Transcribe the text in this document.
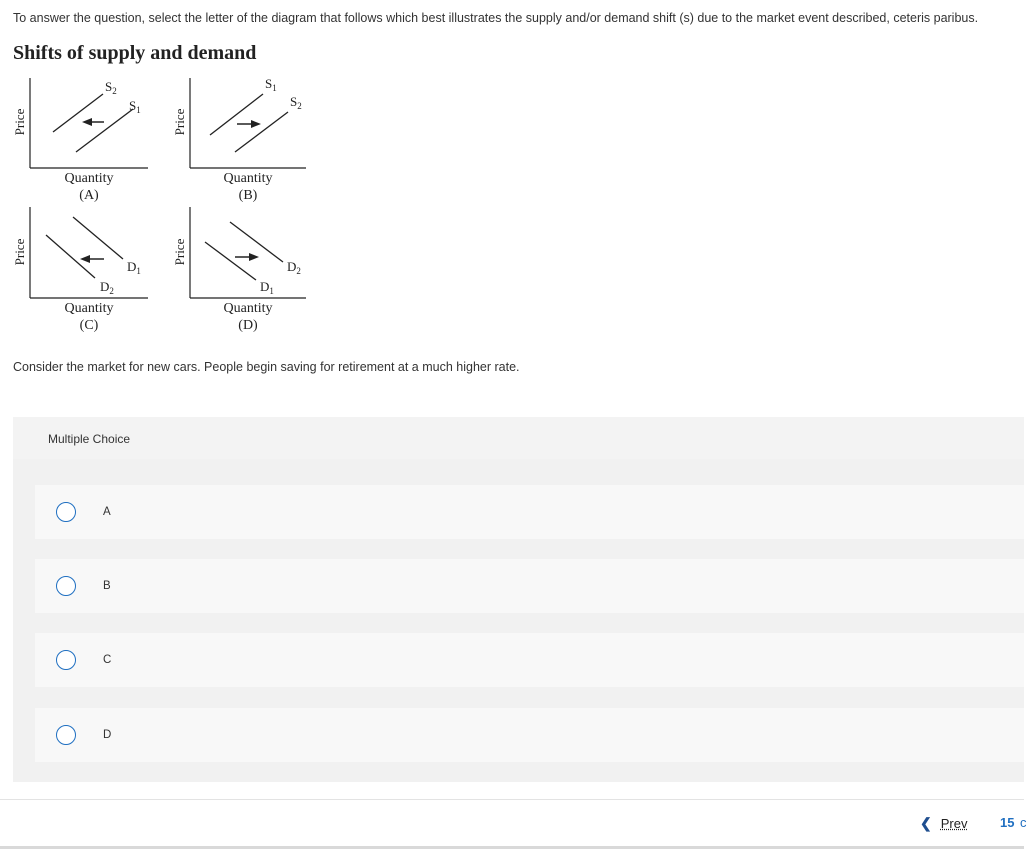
To answer the question, select the letter of the diagram that follows which best illustrates the supply and/or demand shift (s) due to the market event described, ceteris paribus.
Shifts of supply and demand
Price
$S_2$
$S_1$
Quantity
(A)
Price
$S_1$
$S_2$
Quantity
(B)
Price
$D_2$
$D_1$
Quantity
(C)
Price
$D_1$
$D_2$
Quantity
(D)
Consider the market for new cars. People begin saving for retirement at a much higher rate.
Multiple Choice
A
B
C
D
❮ Prev	15 c
